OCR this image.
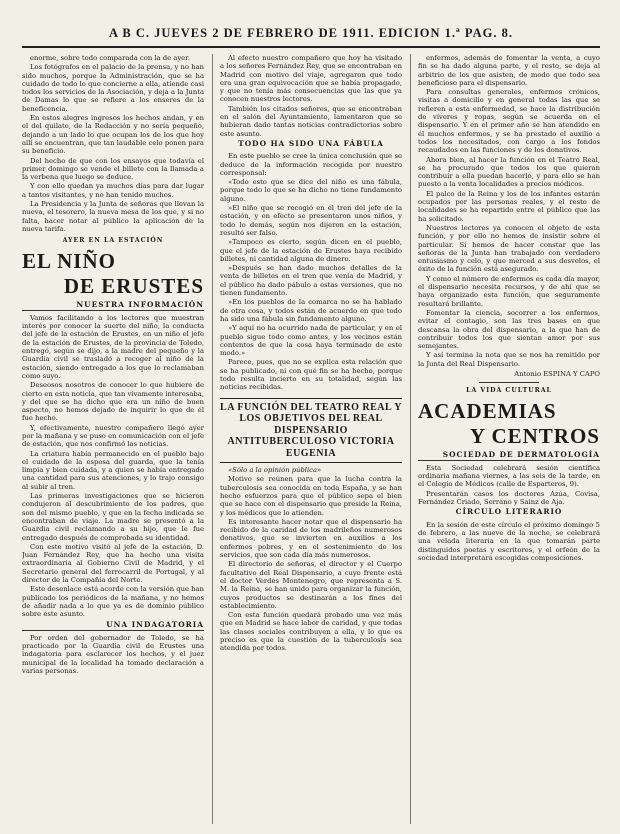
A B C. JUEVES 2 DE FEBRERO DE 1911. EDICION 1.ª PAG. 8.

enorme, sobre todo comparada con la de ayer.

Los fotógrafos en el palacio de la prensa, y no han sido muchos, porque la Administración, que se ha cuidado de todo lo que concierne a ella, atiende casi todos los servicios de la Asociación, y deja a la Junta de Damas lo que se refiere a los enseres de la beneficencia.

En estos alegres ingresos los hechos andan, y en el del quilate, de la Redacción y no sería pequeño, dejando a un lado lo que ocupan los de los que hoy allí se encuentran, que tan laudable celo ponen para su beneficio.

Del hecho de que con los ensayos que todavía el primer domingo se vende el billete con la llamada a la verbena que luego se deduce.

Y con ello quedan ya muchos días para dar lugar a tantos visitantes, y no han tenido muchos.

La Presidencia y la Junta de señoras que llevan la nueva, el tesorero, la nueva mesa de los que, y si no falta, hacer notar al público la aplicación de la nueva tarifa.

AYER EN LA ESTACIÓN
EL NIÑO
DE ERUSTES
NUESTRA INFORMACIÓN

Vamos facilitando a los lectores que muestran interés por conocer la suerte del niño, la conducta del jefe de la estación de Erustes, en un niño el jefe de la estación de Erustes, de la provincia de Toledo, entregó, según se dijo, a la madre del pequeño y la Guardia civil se trasladó a recoger al niño de la estación, siendo entregado a los que lo reclamaban como suyo.

Deseosos nosotros de conocer lo que hubiere de cierto en esta noticia, que tan vivamente interesaba, y del que se ha dicho que era un niño de buen aspecto, no hemos dejado de inquirir lo que de él fue hecho.

Y, efectivamente, nuestro compañero llegó ayer por la mañana y se puso en comunicación con el jefe de estación, que nos confirmó las noticias.

La criatura había permanecido en el pueblo bajo el cuidado de la esposa del guarda, que la tenía limpia y bien cuidada, y a quien se había entregado una cantidad para sus atenciones, y lo trajo consigo al subir al tren.

Las primeras investigaciones que se hicieron condujeron al descubrimiento de los padres, que son del mismo pueblo, y que en la fecha indicada se encontraban de viaje. La madre se presentó a la Guardia civil reclamando a su hijo, que le fue entregado después de comprobada su identidad.

Con este motivo visitó al jefe de la estación, D. Juan Fernández Rey, que ha hecho una visita extraordinaria al Gobierno Civil de Madrid, y el Secretario general del ferrocarril de Portugal, y al director de la Compañía del Norte.

Este desenlace está acorde con la versión que han publicado los periódicos de la mañana, y no hemos de añadir nada a lo que ya es de dominio público sobre este asunto.

UNA INDAGATORIA

Por orden del gobernador de Toledo, se ha practicado por la Guardia civil de Erustes una indagatoria para esclarecer los hechos, y el juez municipal de la localidad ha tomado declaración a varias personas.

Al efecto nuestro compañero que hoy ha visitado a los señores Fernández Rey, que se encontraban en Madrid con motivo del viaje, agregaron que todo era una gran equivocación que se había propagado, y que no tenía más consecuencias que las que ya conocen nuestros lectores.

También los citados señores, que se encontraban en el salón del Ayuntamiento, lamentaron que se hubieran dado tantas noticias contradictorias sobre este asunto.

TODO HA SIDO UNA FÁBULA

En este pueblo se cree la única conclusión que se deduce de la información recogida por nuestro corresponsal:

«Todo esto que se dice del niño es una fábula, porque todo lo que se ha dicho no tiene fundamento alguno.

»El niño que se recogió en el tren del jefe de la estación, y en efecto se presentaron unos niños, y todo lo demás, según nos dijeron en la estación, resultó ser falso.

»Tampoco es cierto, según dicen en el pueblo, que el jefe de la estación de Erustes haya recibido billetes, ni cantidad alguna de dinero.

»Después se han dado muchos detalles de la venta de billetes en el tren que venía de Madrid, y el público ha dado pábulo a estas versiones, que no tienen fundamento.

»En los pueblos de la comarca no se ha hablado de otra cosa, y todos están de acuerdo en que todo ha sido una fábula sin fundamento alguno.

»Y aquí no ha ocurrido nada de particular, y en el pueblo sigue todo como antes, y los vecinos están contentos de que la cosa haya terminado de este modo.»

Parece, pues, que no se explica esta relación que se ha publicado, ni con qué fin se ha hecho, porque todo resulta incierto en su totalidad, según las noticias recibidas.

LA FUNCIÓN DEL TEATRO REAL Y LOS OBJETIVOS DEL REAL DISPENSARIO ANTITUBERCULOSO VICTORIA EUGENIA

«Sólo a la opinión pública»

Motivo se reúnen para que la lucha contra la tuberculosis sea conocida en toda España, y se han hecho esfuerzos para que el público sepa el bien que se hace con el dispensario que preside la Reina, y los médicos que lo atienden.

Es interesante hacer notar que el dispensario ha recibido de la caridad de los madrileños numerosos donativos, que se invierten en auxilios a los enfermos pobres, y en el sostenimiento de los servicios, que son cada día más numerosos.

El directorio de señoras, el director y el Cuerpo facultativo del Real Dispensario, a cuyo frente está el doctor Verdes Montenegro, que representa a S. M. la Reina, se han unido para organizar la función, cuyos productos se destinarán a los fines del establecimiento.

Con esta función quedará probado una vez más que en Madrid se hace labor de caridad, y que todas las clases sociales contribuyen a ella, y lo que es preciso es que la cuestión de la tuberculosis sea atendida por todos.

enfermos, además de fomentar la venta, a cuyo fin se ha dado alguna parte, y el resto, se deja al arbitrio de los que asisten, de modo que todo sea beneficioso para el dispensario.

Para consultas generales, enfermos crónicos, visitas a domicilio y en general todas las que se refieren a esta enfermedad, se hace la distribución de víveres y ropas, según se acuerda en el dispensario. Y en el primer año se han atendido en él muchos enfermos, y se ha prestado el auxilio a todos los necesitados, con cargo a los fondos recaudados en las funciones y de los donativos.

Ahora bien, al hacer la función en el Teatro Real, se ha procurado que todos los que quieran contribuir a ella puedan hacerlo, y para ello se han puesto a la venta localidades a precios módicos.

El palco de la Reina y los de los infantes estarán ocupados por las personas reales, y el resto de localidades se ha repartido entre el público que las ha solicitado.

Nuestros lectores ya conocen el objeto de esta función, y por ello no hemos de insistir sobre el particular. Sí hemos de hacer constar que las señoras de la Junta han trabajado con verdadero entusiasmo y celo, y que merced a sus desvelos, el éxito de la función está asegurado.

Y como el número de enfermos es cada día mayor, el dispensario necesita recursos, y de ahí que se haya organizado esta función, que seguramente resultará brillante.

Fomentar la ciencia, socorrer a los enfermos, evitar el contagio, son las tres bases en que descansa la obra del dispensario, a la que han de contribuir todos los que sientan amor por sus semejantes.

Y así termina la nota que se nos ha remitido por la Junta del Real Dispensario.

Antonio ESPINA Y CAPO
LA VIDA CULTURAL
ACADEMIAS
Y CENTROS
SOCIEDAD DE DERMATOLOGÍA

Esta Sociedad celebrará sesión científica ordinaria mañana viernes, a las seis de la tarde, en el Colegio de Médicos (calle de Esparteros, 9).

Presentarán casos los doctores Azúa, Covisa, Fernández Criado, Serrano y Sainz de Aja.

CÍRCULO LITERARIO

En la sesión de este círculo el próximo domingo 5 de febrero, a las nueve de la noche, se celebrará una velada literaria en la que tomarán parte distinguidos poetas y escritores, y el orfeón de la sociedad interpretará escogidas composiciones.
